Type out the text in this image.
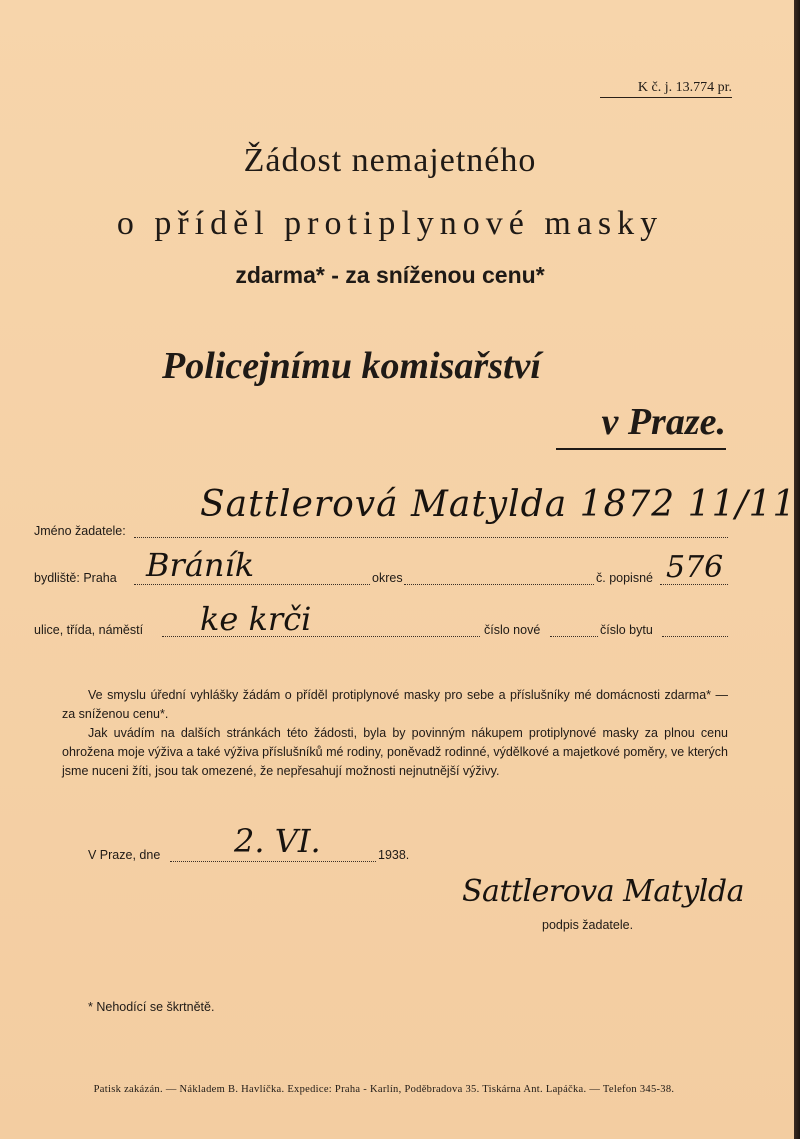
K č. j. 13.774 pr.
Žádost nemajetného
o příděl protiplynové masky
zdarma* - za sníženou cenu*
Policejnímu komisařství
v Praze.
Jméno žadatele:
Sattlerová Matylda 1872 11/11
bydliště: Praha Bráník	okres	č. popisné 576
ulice, třída, náměstí ke krči	číslo nové	číslo bytu

Ve smyslu úřední vyhlášky žádám o příděl protiplynové masky pro sebe a příslušníky mé domácnosti zdarma* — za sníženou cenu*.

Jak uvádím na dalších stránkách této žádosti, byla by povinným nákupem protiplynové masky za plnou cenu ohrožena moje výživa a také výživa příslušníků mé rodiny, poněvadž rodinné, výdělkové a majetkové poměry, ve kterých jsme nuceni žíti, jsou tak omezené, že nepřesahují možnosti nejnutnější výživy.

V Praze, dne 2. VI.	1938.
Sattlerova Matylda
podpis žadatele.
* Nehodící se škrtnětě.
Patisk zakázán. — Nákladem B. Havlíčka. Expedice: Praha - Karlín, Poděbradova 35. Tiskárna Ant. Lapáčka. — Telefon 345-38.
